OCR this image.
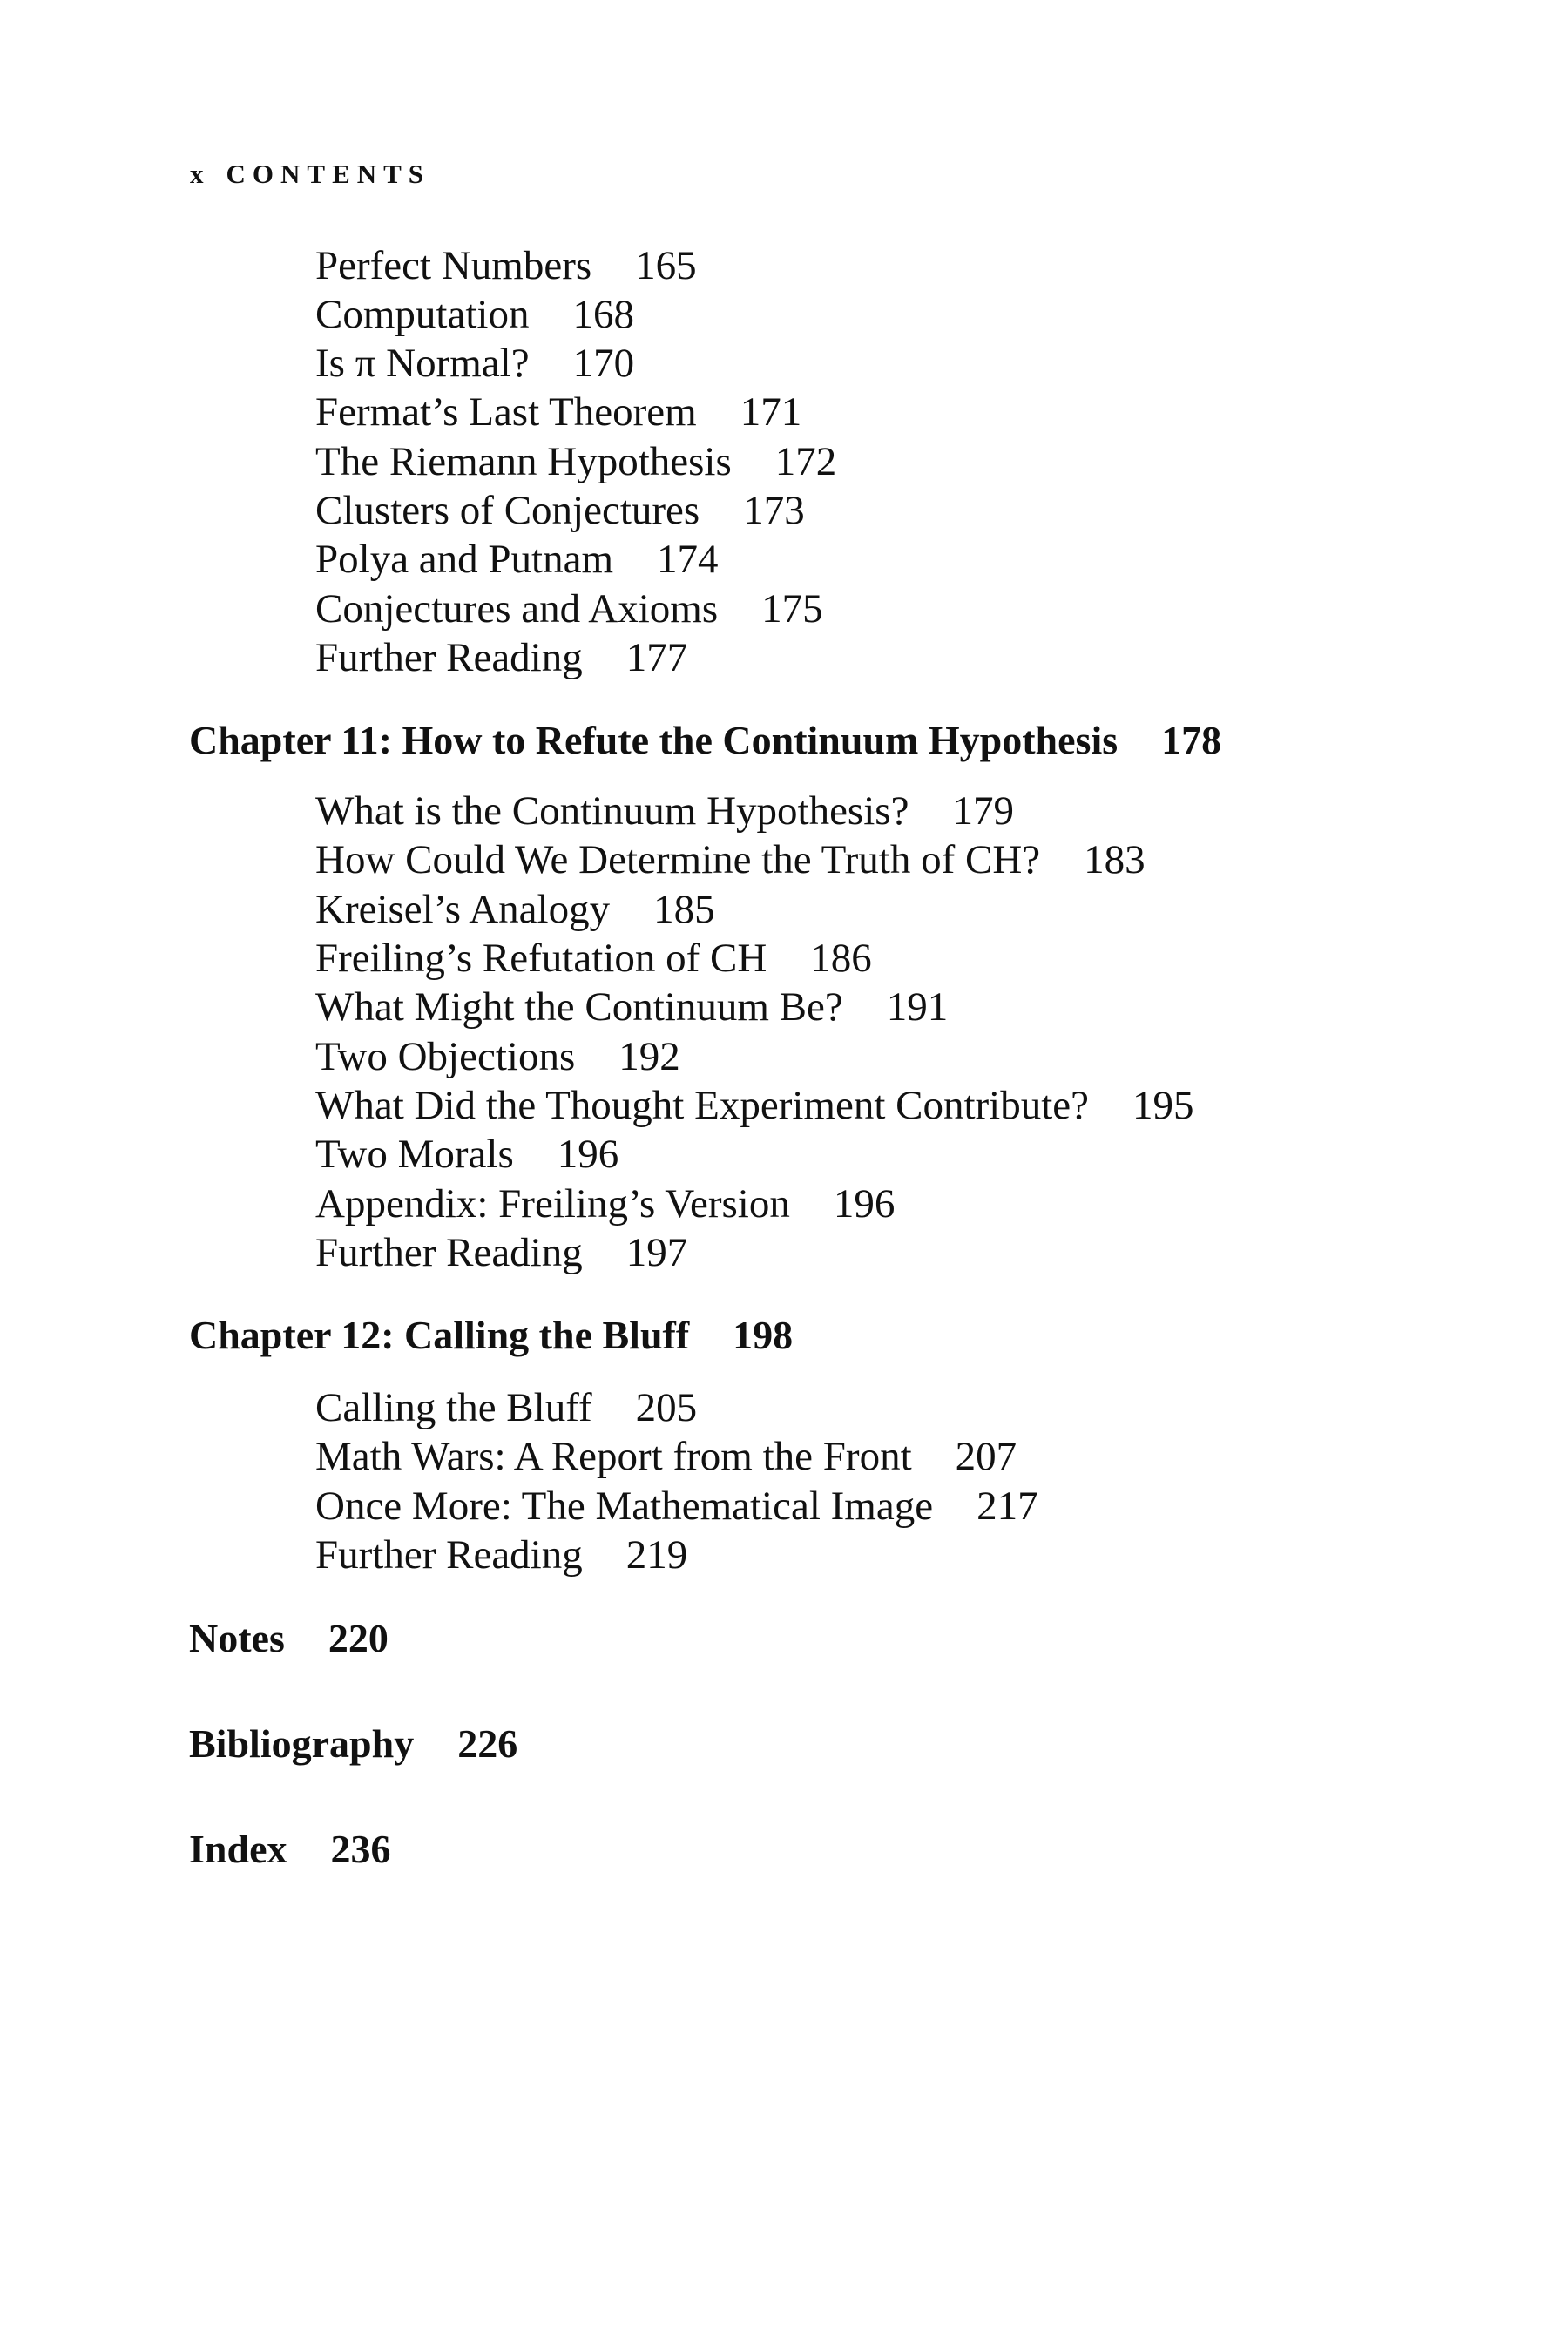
x CONTENTS
Perfect Numbers 165
Computation 168
Is π Normal? 170
Fermat’s Last Theorem 171
The Riemann Hypothesis 172
Clusters of Conjectures 173
Polya and Putnam 174
Conjectures and Axioms 175
Further Reading 177
Chapter 11: How to Refute the Continuum Hypothesis 178
What is the Continuum Hypothesis? 179
How Could We Determine the Truth of CH? 183
Kreisel’s Analogy 185
Freiling’s Refutation of CH 186
What Might the Continuum Be? 191
Two Objections 192
What Did the Thought Experiment Contribute? 195
Two Morals 196
Appendix: Freiling’s Version 196
Further Reading 197
Chapter 12: Calling the Bluff 198
Calling the Bluff 205
Math Wars: A Report from the Front 207
Once More: The Mathematical Image 217
Further Reading 219
Notes 220
Bibliography 226
Index 236
